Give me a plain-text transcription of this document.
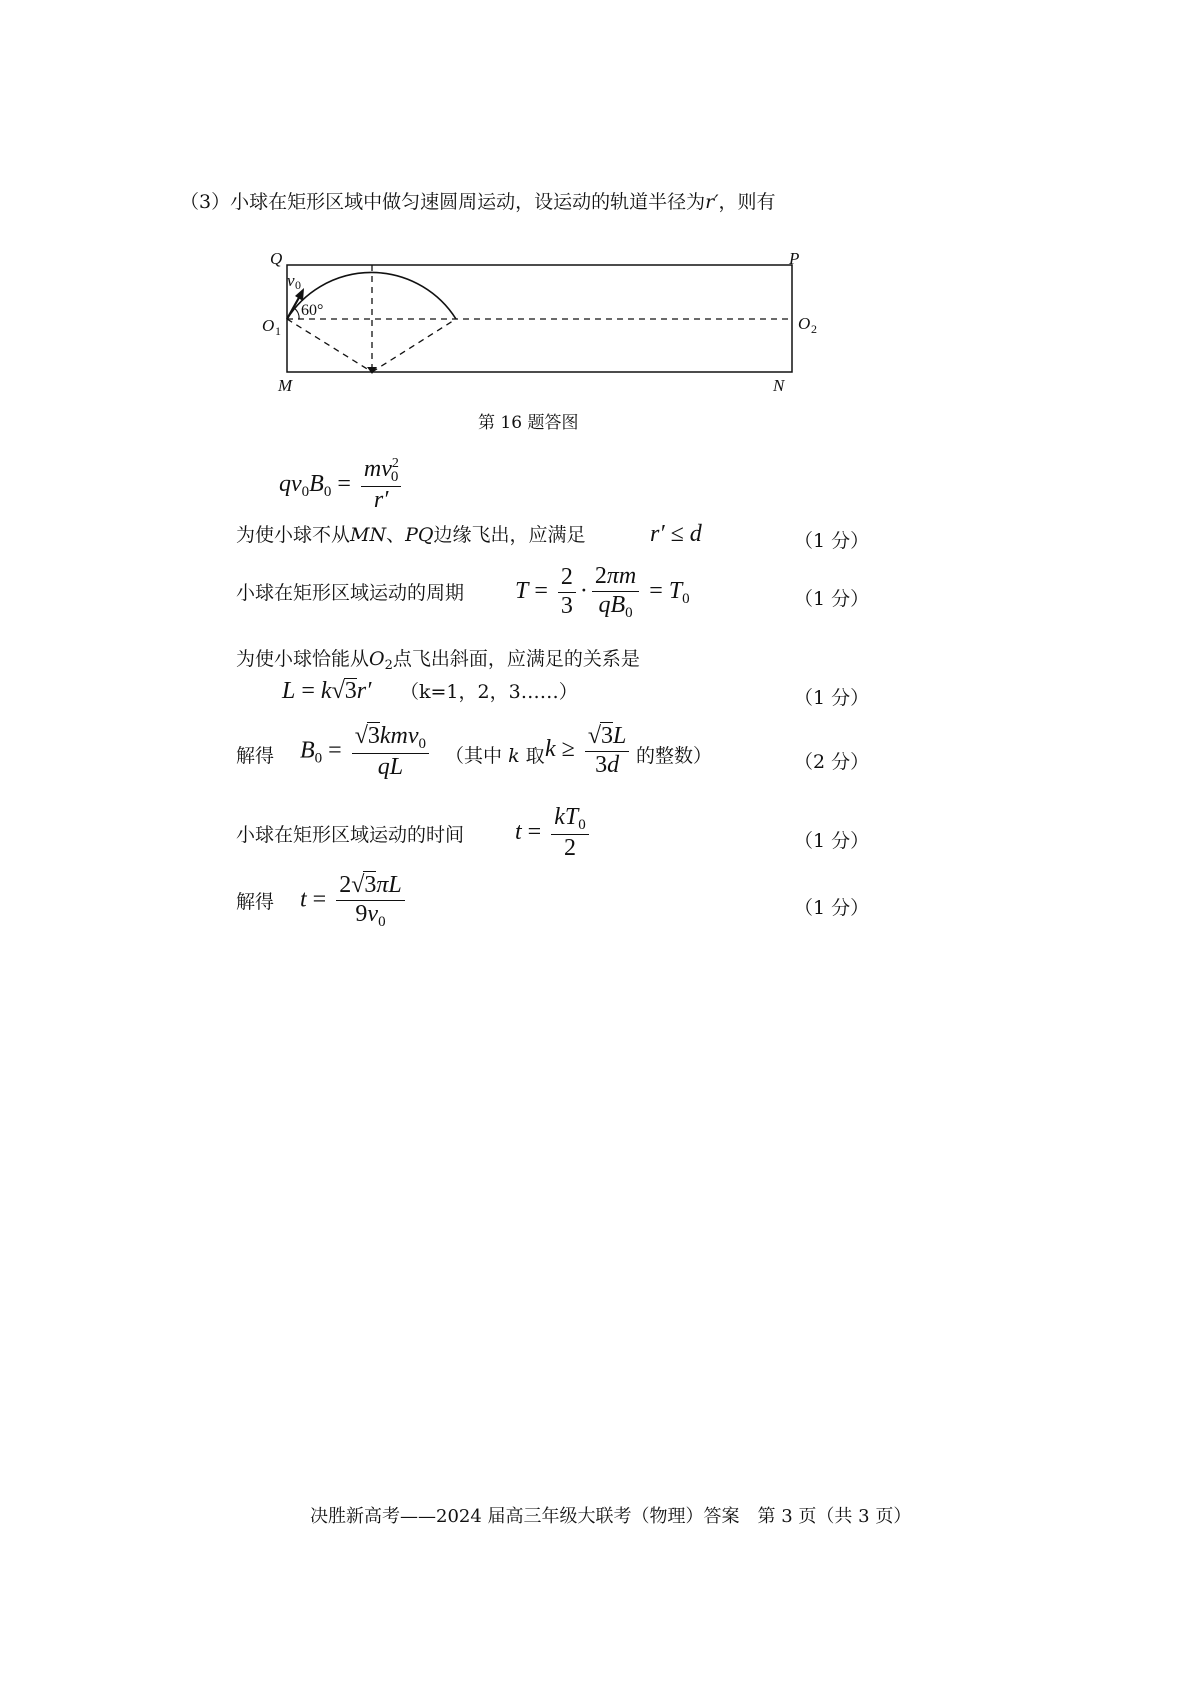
（3）小球在矩形区域中做匀速圆周运动，设运动的轨道半径为r′，则有
Q	P
M	N
O	O
v
1	2
0
60°
第 16 题答图
$qv_0B_0 = \frac{mv^2_0}{r'}$
为使小球不从MN、PQ边缘飞出，应满足	r′ ≤ d	（1 分）
小球在矩形区域运动的周期 $T = \frac{2}{3} \cdot \frac{2\pi m}{qB_0} = T_0$	（1 分）
为使小球恰能从$O_2$点飞出斜面，应满足的关系是
L = k√3r′ （k=1，2，3……）	（1 分）
解得 $B_0 = \frac{√3kmv_0}{qL}$ （其中 k 取 $k \ge \frac{√3L}{3d}$ 的整数）	（2 分）
小球在矩形区域运动的时间 $t = \frac{kT_0}{2}$	（1 分）
解得 $t = \frac{2√3\pi L}{9v_0}$	（1 分）
决胜新高考——2024 届高三年级大联考（物理）答案　第 3 页（共 3 页）
